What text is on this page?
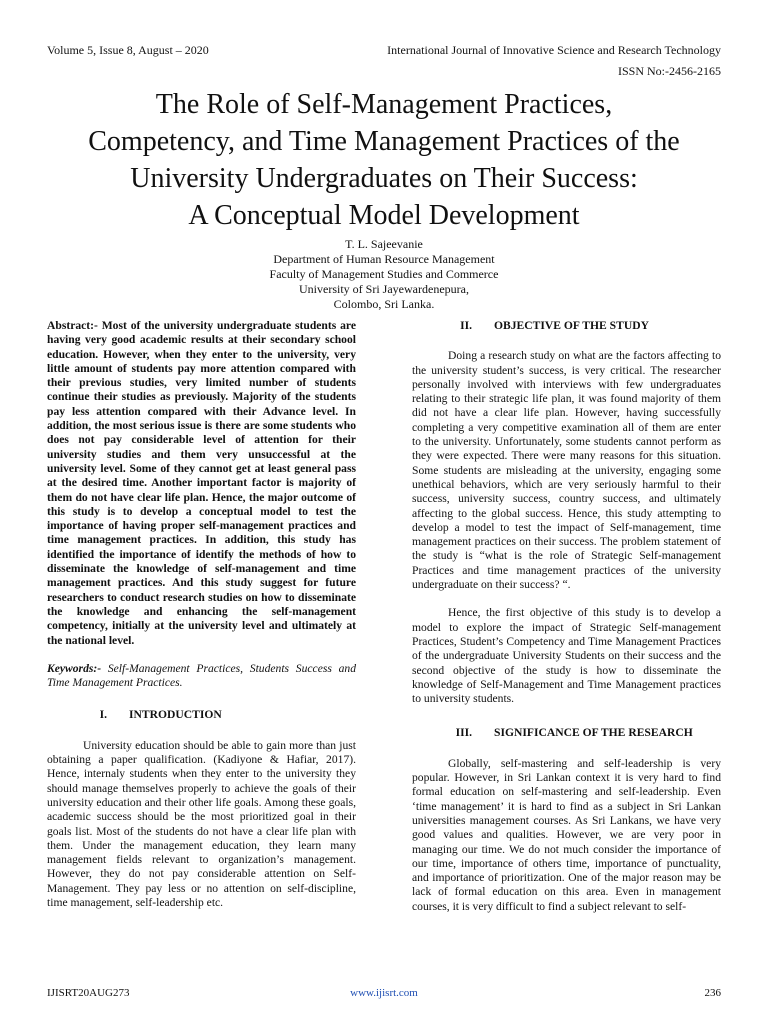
Volume 5, Issue 8, August – 2020	International Journal of Innovative Science and Research Technology
ISSN No:-2456-2165
The Role of Self-Management Practices,
Competency, and Time Management Practices of the
University Undergraduates on Their Success:
A Conceptual Model Development
T. L. Sajeevanie
Department of Human Resource Management
Faculty of Management Studies and Commerce
University of Sri Jayewardenepura,
Colombo, Sri Lanka.

Abstract:- Most of the university undergraduate students are having very good academic results at their secondary school education. However, when they enter to the university, very little amount of students pay more attention compared with their previous studies, very limited number of students continue their studies as previously. Majority of the students pay less attention compared with their Advance level. In addition, the most serious issue is there are some students who does not pay considerable level of attention for their university studies and them very unsuccessful at the university level. Some of they cannot get at least general pass at the desired time. Another important factor is majority of them do not have clear life plan. Hence, the major outcome of this study is to develop a conceptual model to test the importance of having proper self-management practices and time management practices. In addition, this study has identified the importance of identify the methods of how to disseminate the knowledge of self-management and time management practices. And this study suggest for future researchers to conduct research studies on how to disseminate the knowledge and enhancing the self-management competency, initially at the university level and ultimately at the national level.

Keywords:- Self-Management Practices, Students Success and Time Management Practices.

I.	INTRODUCTION

University education should be able to gain more than just obtaining a paper qualification. (Kadiyone & Hafiar, 2017). Hence, internaly students when they enter to the university they should manage themselves properly to achieve the goals of their university education and their other life goals. Among these goals, academic success should be the most prioritized goal in their goals list. Most of the students do not have a clear life plan with them. Under the management education, they learn many management fields relevant to organization’s management. However, they do not pay considerable attention on Self-Management. They pay less or no attention on self-discipline, time management, self-leadership etc.

II.	OBJECTIVE OF THE STUDY

Doing a research study on what are the factors affecting to the university student’s success, is very critical. The researcher personally involved with interviews with few undergraduates relating to their strategic life plan, it was found majority of them did not have a clear life plan. However, having successfully completing a very competitive examination all of them are enter to the university. Unfortunately, some students cannot perform as they were expected. There were many reasons for this situation. Some students are misleading at the university, engaging some unethical behaviors, which are very seriously harmful to their success, university success, country success, and ultimately affecting to the global success. Hence, this study attempting to develop a model to test the impact of Self-management, time management practices on their success. The problem statement of the study is “what is the role of Strategic Self-management Practices and time management practices of the university undergraduate on their success? “.

Hence, the first objective of this study is to develop a model to explore the impact of Strategic Self-management Practices, Student’s Competency and Time Management Practices of the undergraduate University Students on their success and the second objective of the study is how to disseminate the knowledge of Self-Management and Time Management practices to university students.

III.	SIGNIFICANCE OF THE RESEARCH

Globally, self-mastering and self-leadership is very popular. However, in Sri Lankan context it is very hard to find formal education on self-mastering and self-leadership. Even ‘time management’ it is hard to find as a subject in Sri Lankan universities management courses. As Sri Lankans, we have very good values and qualities. However, we are very poor in managing our time. We do not much consider the importance of our time, importance of others time, importance of punctuality, and importance of prioritization. One of the major reason may be lack of formal education on this area. Even in management courses, it is very difficult to find a subject relevant to self-

IJISRT20AUG273	www.ijisrt.com	236
